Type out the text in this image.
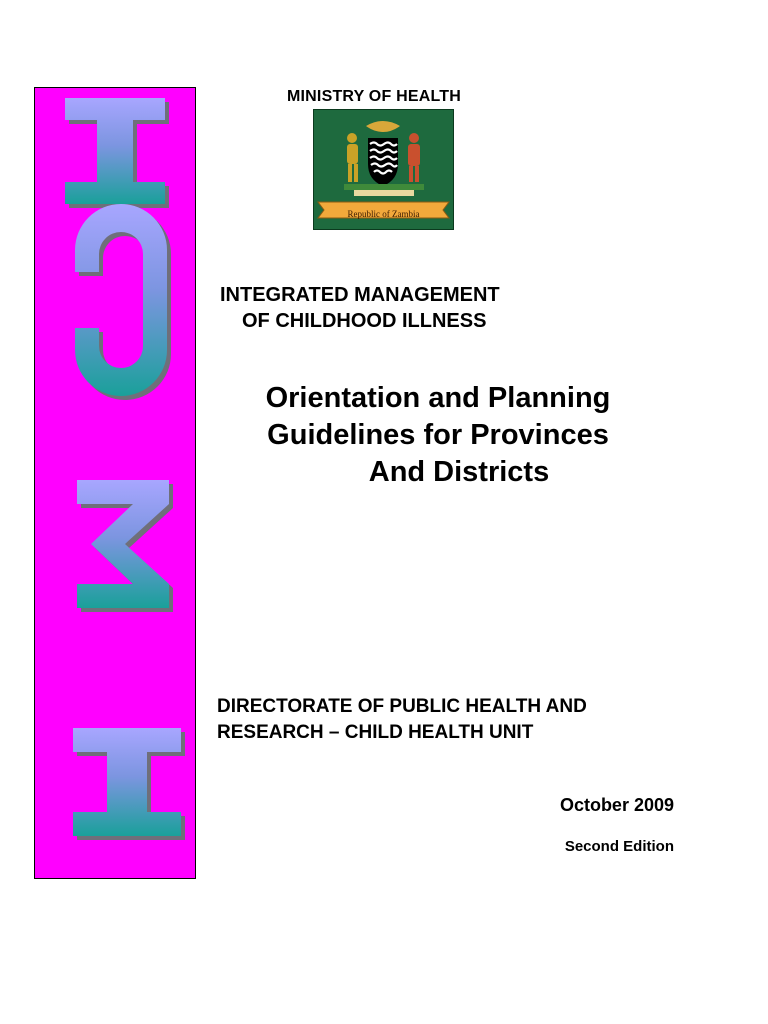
MINISTRY OF HEALTH
Republic of Zambia
INTEGRATED MANAGEMENT
OF CHILDHOOD ILLNESS
Orientation and Planning
Guidelines for Provinces
And Districts
DIRECTORATE OF PUBLIC HEALTH AND
RESEARCH – CHILD HEALTH UNIT
October 2009
Second Edition
